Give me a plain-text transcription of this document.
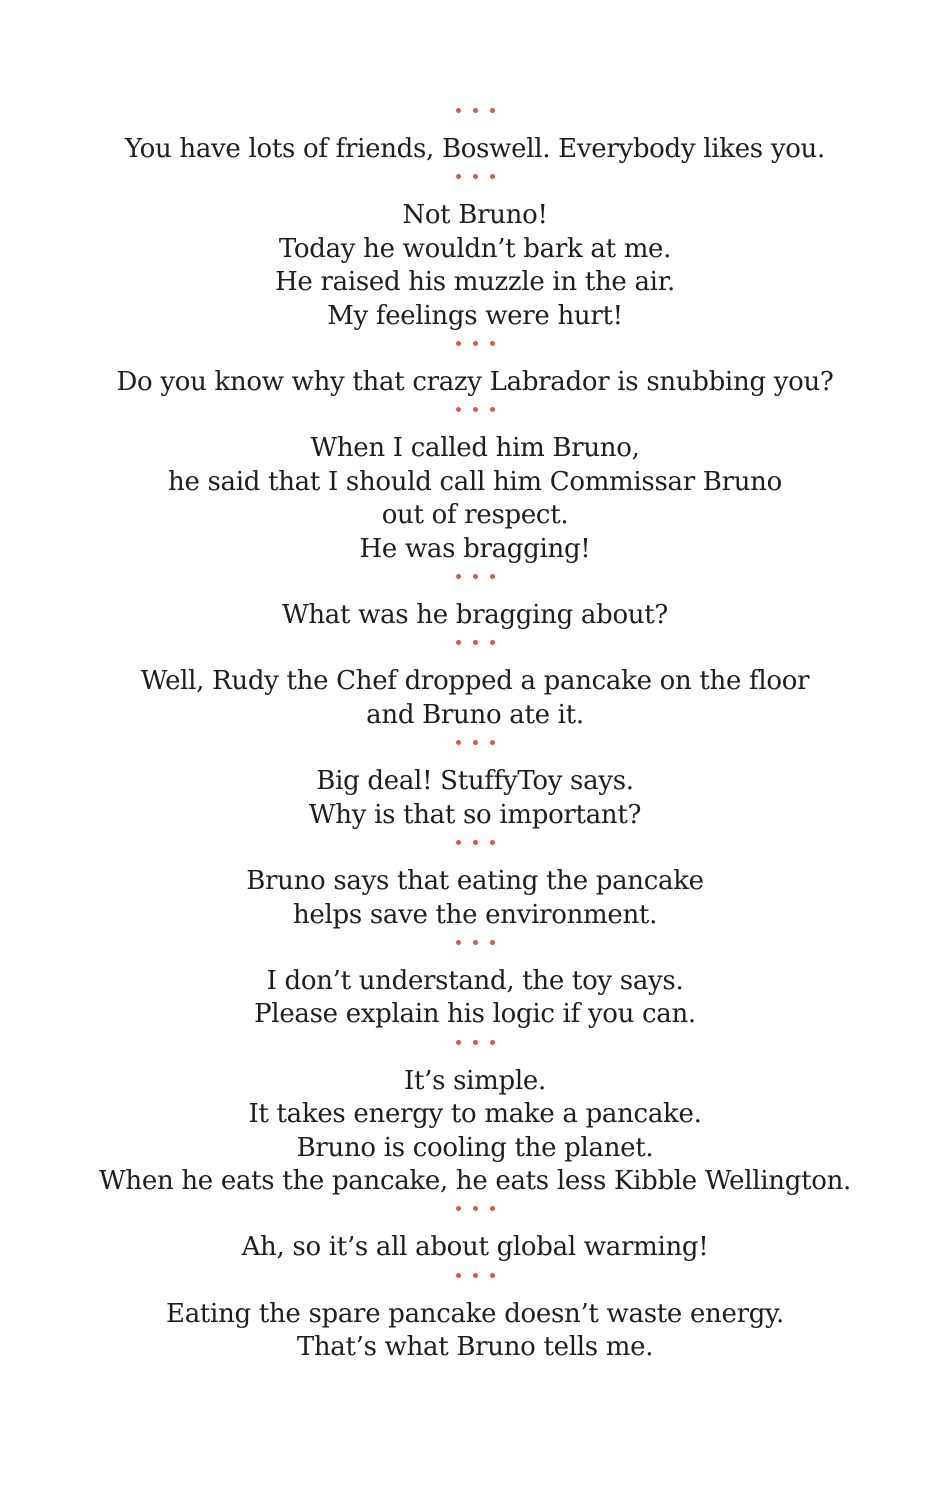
You have lots of friends, Boswell. Everybody likes you.
Not Bruno!
Today he wouldn’t bark at me.
He raised his muzzle in the air.
My feelings were hurt!
Do you know why that crazy Labrador is snubbing you?
When I called him Bruno,
he said that I should call him Commissar Bruno
out of respect.
He was bragging!
What was he bragging about?
Well, Rudy the Chef dropped a pancake on the floor
and Bruno ate it.
Big deal! StuffyToy says.
Why is that so important?
Bruno says that eating the pancake
helps save the environment.
I don’t understand, the toy says.
Please explain his logic if you can.
It’s simple.
It takes energy to make a pancake.
Bruno is cooling the planet.
When he eats the pancake, he eats less Kibble Wellington.
Ah, so it’s all about global warming!
Eating the spare pancake doesn’t waste energy.
That’s what Bruno tells me.
